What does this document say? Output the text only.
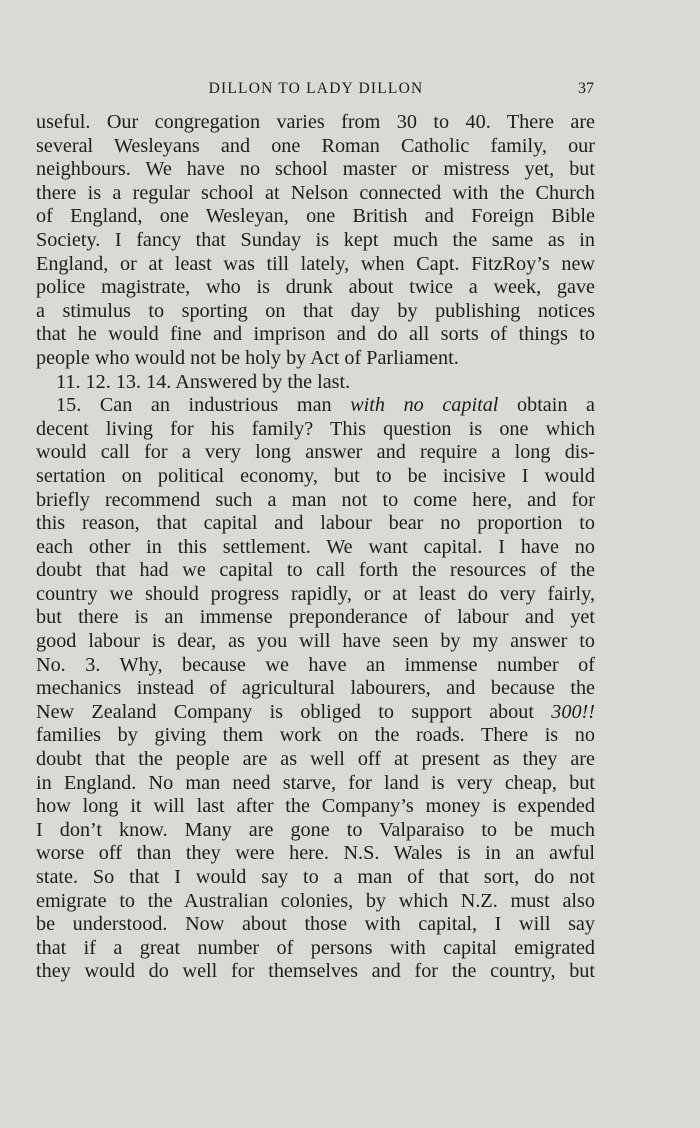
DILLON TO LADY DILLON	37
useful. Our congregation varies from 30 to 40. There are
several Wesleyans and one Roman Catholic family, our
neighbours. We have no school master or mistress yet, but
there is a regular school at Nelson connected with the Church
of England, one Wesleyan, one British and Foreign Bible
Society. I fancy that Sunday is kept much the same as in
England, or at least was till lately, when Capt. FitzRoy’s new
police magistrate, who is drunk about twice a week, gave
a stimulus to sporting on that day by publishing notices
that he would fine and imprison and do all sorts of things to
people who would not be holy by Act of Parliament.
11. 12. 13. 14. Answered by the last.
15. Can an industrious man with no capital obtain a
decent living for his family? This question is one which
would call for a very long answer and require a long dis-
sertation on political economy, but to be incisive I would
briefly recommend such a man not to come here, and for
this reason, that capital and labour bear no proportion to
each other in this settlement. We want capital. I have no
doubt that had we capital to call forth the resources of the
country we should progress rapidly, or at least do very fairly,
but there is an immense preponderance of labour and yet
good labour is dear, as you will have seen by my answer to
No. 3. Why, because we have an immense number of
mechanics instead of agricultural labourers, and because the
New Zealand Company is obliged to support about 300!!
families by giving them work on the roads. There is no
doubt that the people are as well off at present as they are
in England. No man need starve, for land is very cheap, but
how long it will last after the Company’s money is expended
I don’t know. Many are gone to Valparaiso to be much
worse off than they were here. N.S. Wales is in an awful
state. So that I would say to a man of that sort, do not
emigrate to the Australian colonies, by which N.Z. must also
be understood. Now about those with capital, I will say
that if a great number of persons with capital emigrated
they would do well for themselves and for the country, but
